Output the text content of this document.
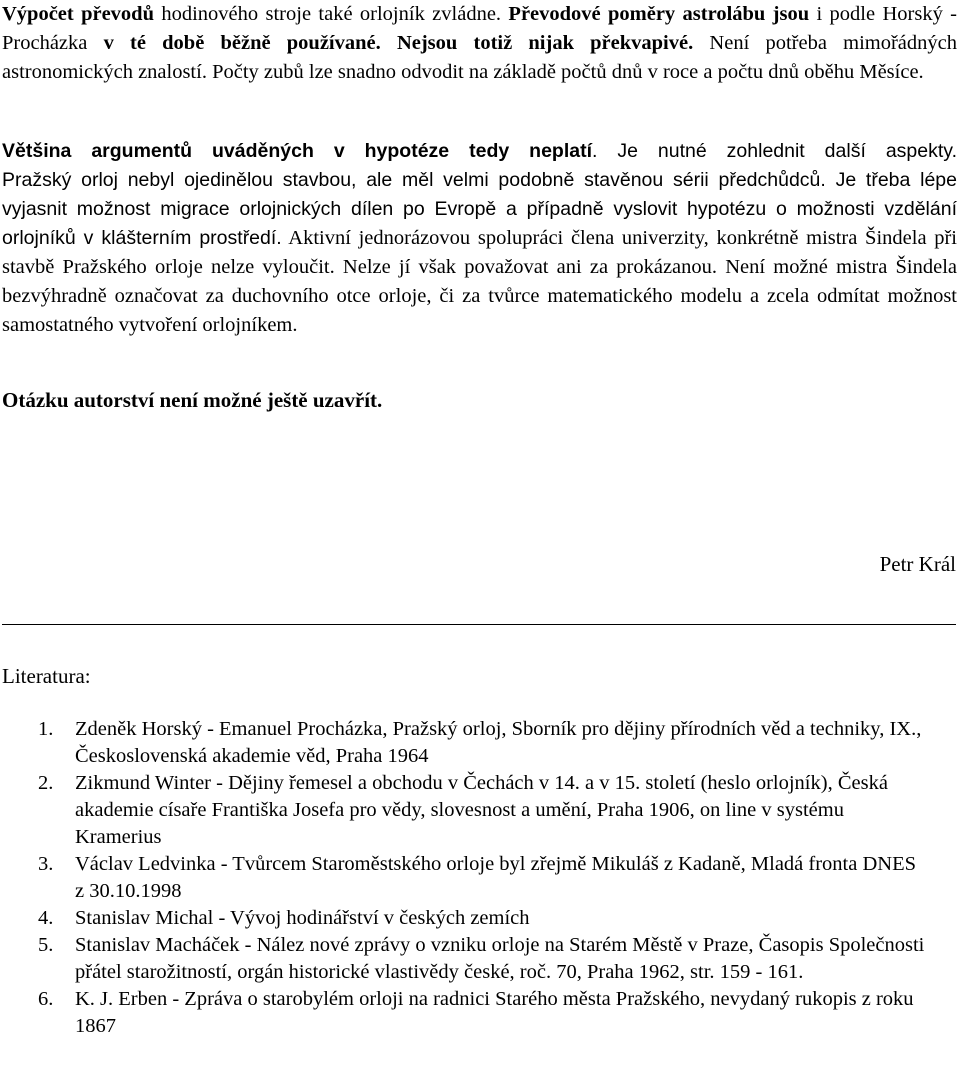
Výpočet převodů hodinového stroje také orlojník zvládne. Převodové poměry astrolábu jsou i podle Horský - Procházka v té době běžně používané. Nejsou totiž nijak překvapivé. Není potřeba mimořádných astronomických znalostí. Počty zubů lze snadno odvodit na základě počtů dnů v roce a počtu dnů oběhu Měsíce.

Většina argumentů uváděných v hypotéze tedy neplatí. Je nutné zohlednit další aspekty. Pražský orloj nebyl ojedinělou stavbou, ale měl velmi podobně stavěnou sérii předchůdců. Je třeba lépe vyjasnit možnost migrace orlojnických dílen po Evropě a případně vyslovit hypotézu o možnosti vzdělání orlojníků v klášterním prostředí. Aktivní jednorázovou spolupráci člena univerzity, konkrétně mistra Šindela při stavbě Pražského orloje nelze vyloučit. Nelze jí však považovat ani za prokázanou. Není možné mistra Šindela bezvýhradně označovat za duchovního otce orloje, či za tvůrce matematického modelu a zcela odmítat možnost samostatného vytvoření orlojníkem.

Otázku autorství není možné ještě uzavřít.

Petr Král

Literatura:

1. Zdeněk Horský - Emanuel Procházka, Pražský orloj, Sborník pro dějiny přírodních věd a techniky, IX., Československá akademie věd, Praha 1964
2. Zikmund Winter - Dějiny řemesel a obchodu v Čechách v 14. a v 15. století (heslo orlojník), Česká akademie císaře Františka Josefa pro vědy, slovesnost a umění, Praha 1906, on line v systému Kramerius
3. Václav Ledvinka - Tvůrcem Staroměstského orloje byl zřejmě Mikuláš z Kadaně, Mladá fronta DNES z 30.10.1998
4. Stanislav Michal - Vývoj hodinářství v českých zemích
5. Stanislav Macháček - Nález nové zprávy o vzniku orloje na Starém Městě v Praze, Časopis Společnosti přátel starožitností, orgán historické vlastivědy české, roč. 70, Praha 1962, str. 159 - 161.
6. K. J. Erben - Zpráva o starobylém orloji na radnici Starého města Pražského, nevydaný rukopis z roku 1867
